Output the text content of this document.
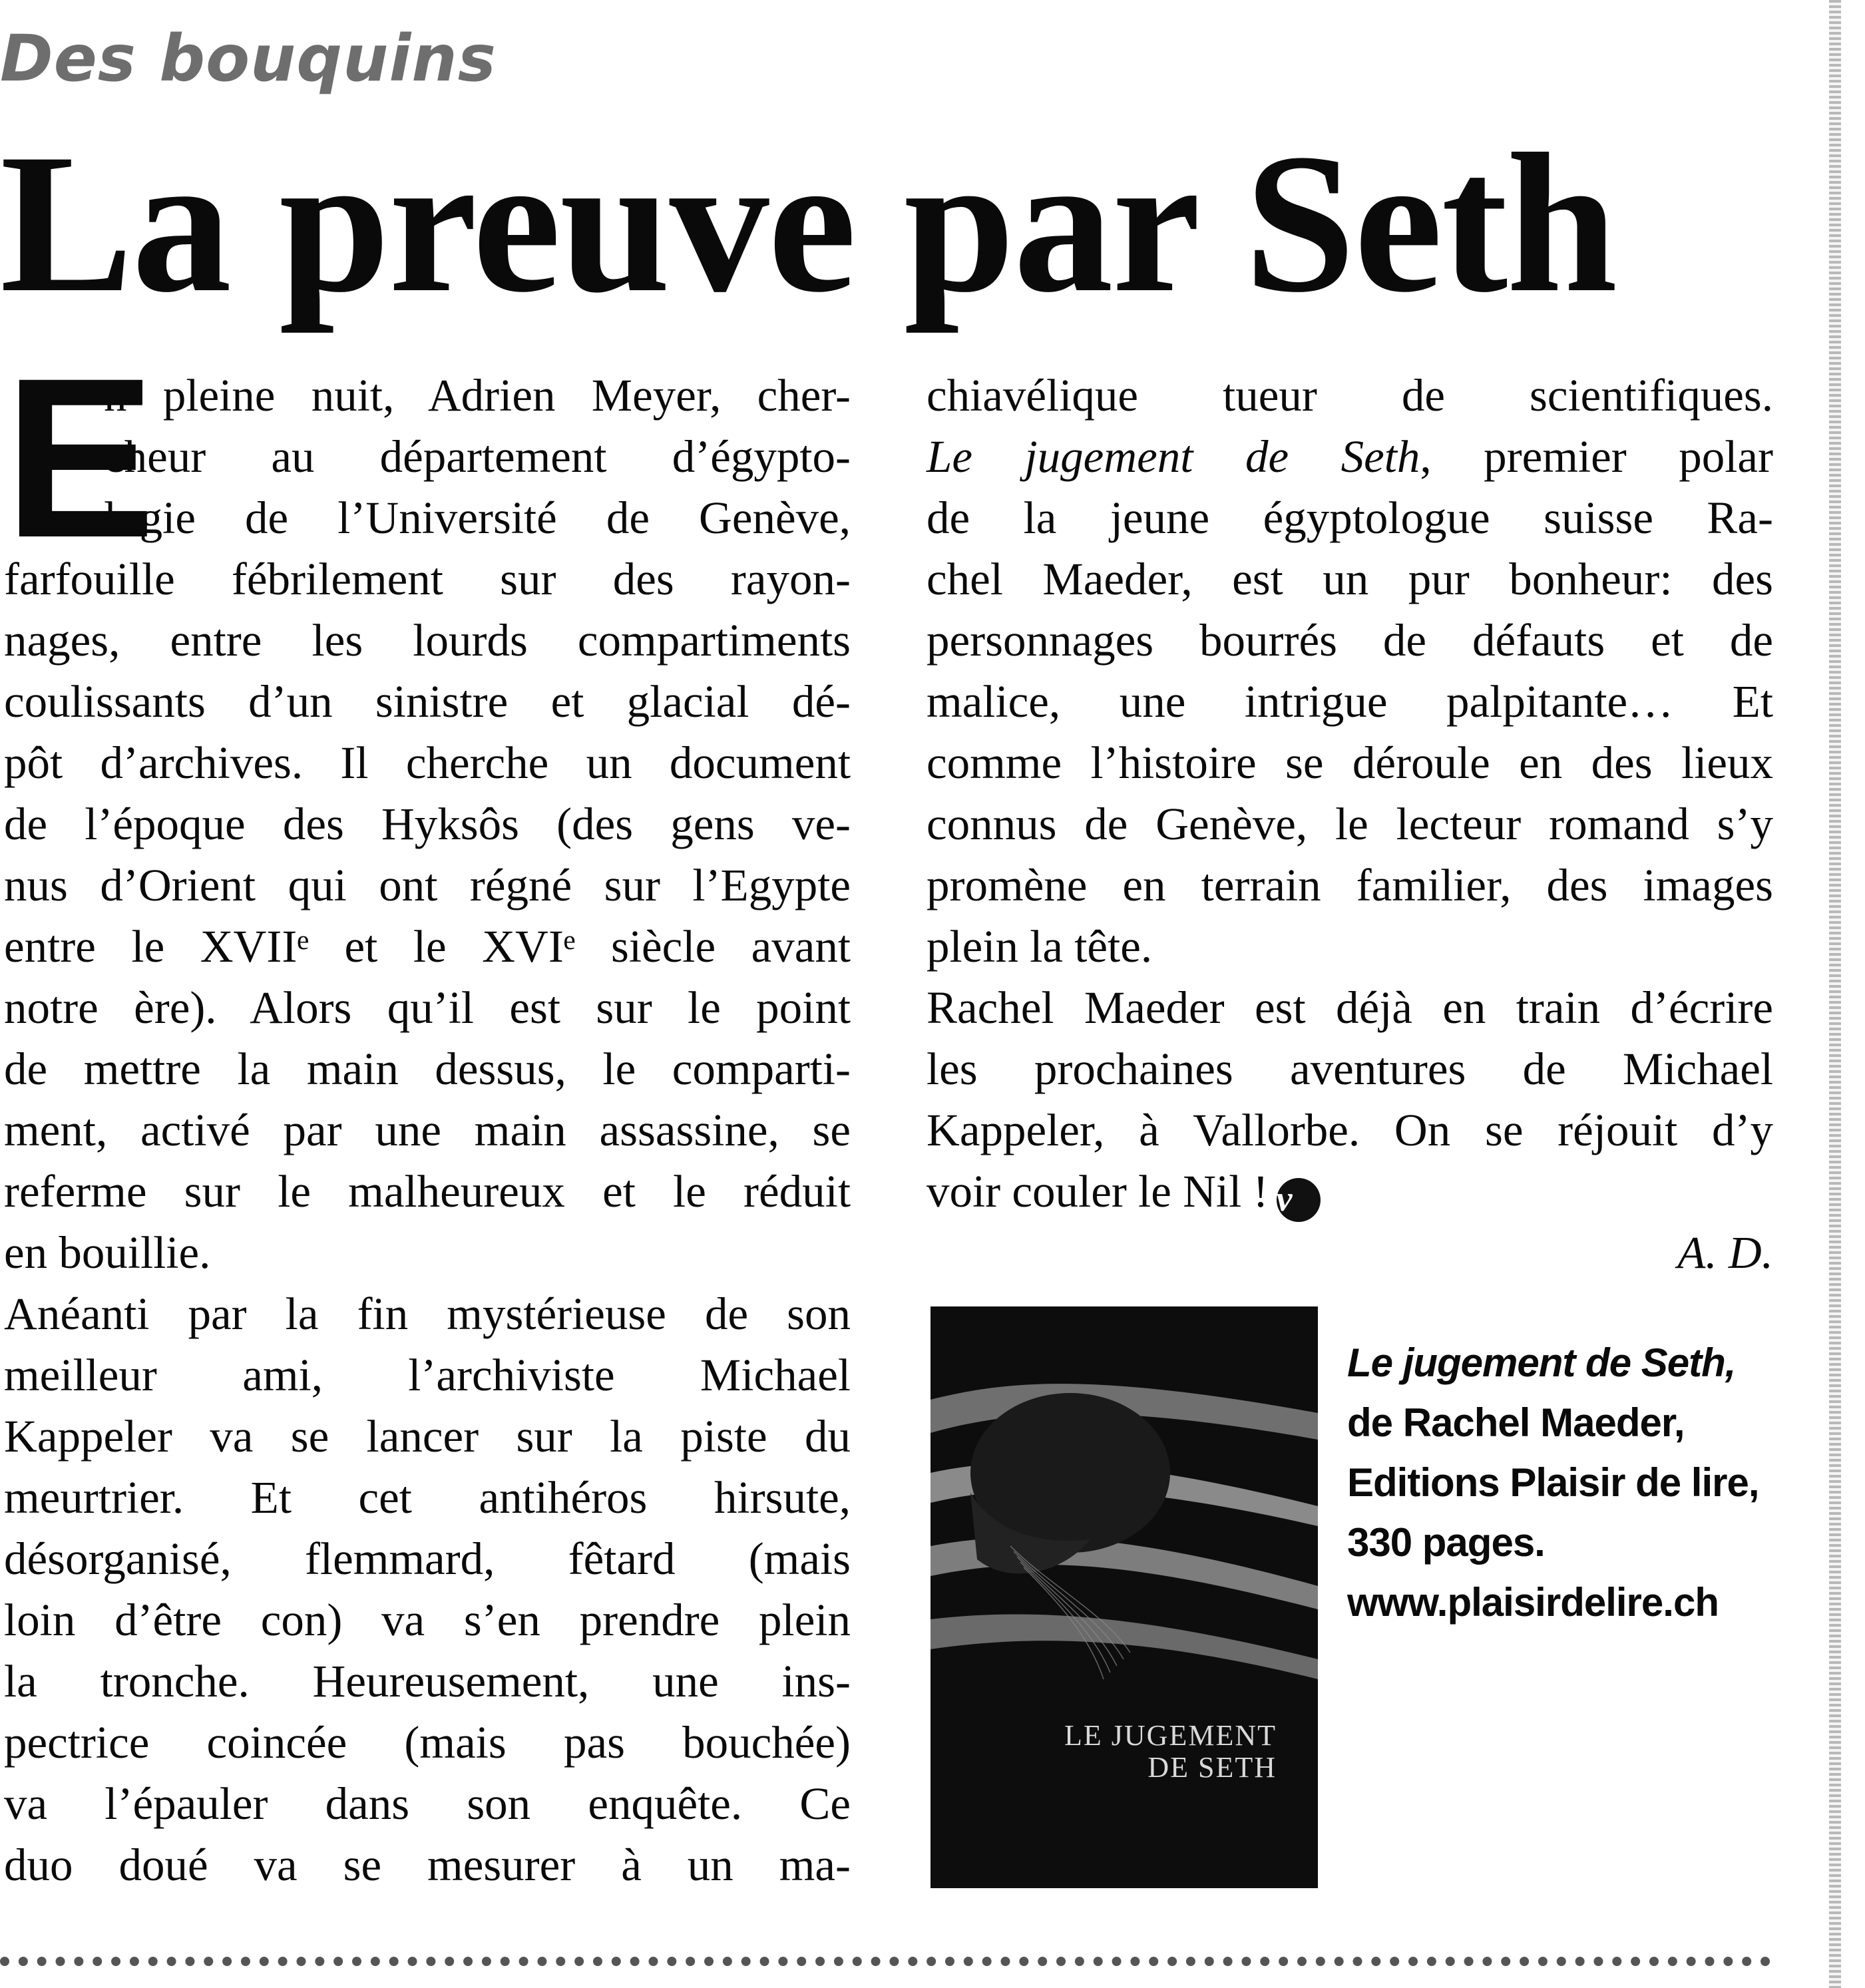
Des bouquins
La preuve par Seth
E
n pleine nuit, Adrien Meyer, cher-
cheur au département d’égypto-
logie de l’Université de Genève,
farfouille fébrilement sur des rayon-
nages, entre les lourds compartiments
coulissants d’un sinistre et glacial dé-
pôt d’archives. Il cherche un document
de l’époque des Hyksôs (des gens ve-
nus d’Orient qui ont régné sur l’Egypte
entre le XVIIᵉ et le XVIᵉ siècle avant
notre ère). Alors qu’il est sur le point
de mettre la main dessus, le comparti-
ment, activé par une main assassine, se
referme sur le malheureux et le réduit
en bouillie.
Anéanti par la fin mystérieuse de son
meilleur ami, l’archiviste Michael
Kappeler va se lancer sur la piste du
meurtrier. Et cet antihéros hirsute,
désorganisé, flemmard, fêtard (mais
loin d’être con) va s’en prendre plein
la tronche. Heureusement, une ins-
pectrice coincée (mais pas bouchée)
va l’épauler dans son enquête. Ce
duo doué va se mesurer à un ma-
chiavélique tueur de scientifiques.
Le jugement de Seth, premier polar
de la jeune égyptologue suisse Ra-
chel Maeder, est un pur bonheur: des
personnages bourrés de défauts et de
malice, une intrigue palpitante… Et
comme l’histoire se déroule en des lieux
connus de Genève, le lecteur romand s’y
promène en terrain familier, des images
plein la tête.
Rachel Maeder est déjà en train d’écrire
les prochaines aventures de Michael
Kappeler, à Vallorbe. On se réjouit d’y
voir couler le Nil ! v
A. D.
LE JUGEMENT
DE SETH
Le jugement de Seth,
de Rachel Maeder,
Editions Plaisir de lire,
330 pages.
www.plaisirdelire.ch
